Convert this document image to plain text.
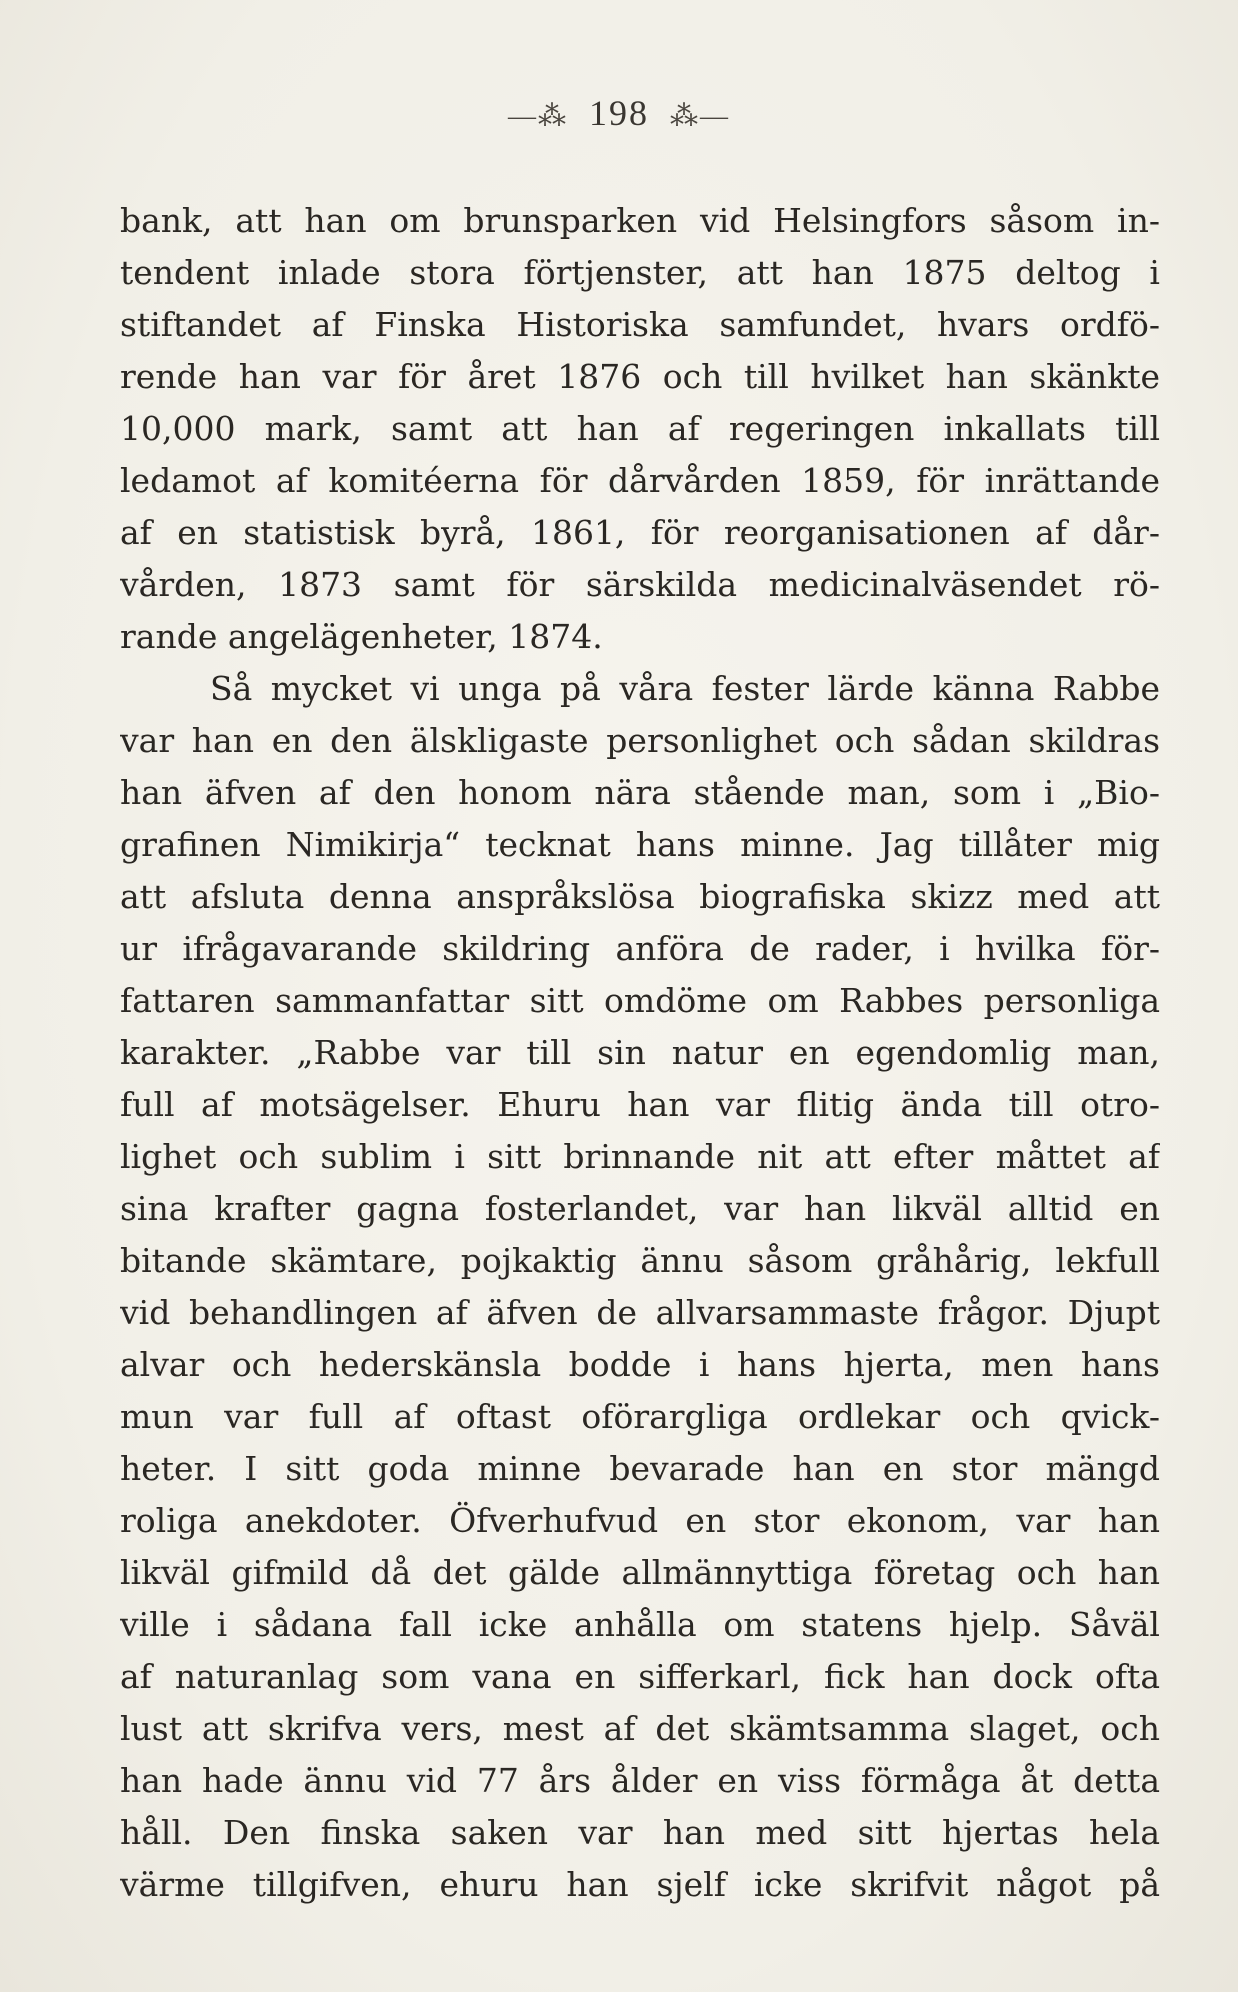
—⁂ 198 ⁂—
bank, att han om brunsparken vid Helsingfors såsom in-
tendent inlade stora förtjenster, att han 1875 deltog i
stiftandet af Finska Historiska samfundet, hvars ordfö-
rende han var för året 1876 och till hvilket han skänkte
10,000 mark, samt att han af regeringen inkallats till
ledamot af komitéerna för dårvården 1859, för inrättande
af en statistisk byrå, 1861, för reorganisationen af dår-
vården, 1873 samt för särskilda medicinalväsendet rö-
rande angelägenheter, 1874.
Så mycket vi unga på våra fester lärde känna Rabbe
var han en den älskligaste personlighet och sådan skildras
han äfven af den honom nära stående man, som i „Bio-
grafinen Nimikirja“ tecknat hans minne. Jag tillåter mig
att afsluta denna anspråkslösa biografiska skizz med att
ur ifrågavarande skildring anföra de rader, i hvilka för-
fattaren sammanfattar sitt omdöme om Rabbes personliga
karakter. „Rabbe var till sin natur en egendomlig man,
full af motsägelser. Ehuru han var flitig ända till otro-
lighet och sublim i sitt brinnande nit att efter måttet af
sina krafter gagna fosterlandet, var han likväl alltid en
bitande skämtare, pojkaktig ännu såsom gråhårig, lekfull
vid behandlingen af äfven de allvarsammaste frågor. Djupt
alvar och hederskänsla bodde i hans hjerta, men hans
mun var full af oftast oförargliga ordlekar och qvick-
heter. I sitt goda minne bevarade han en stor mängd
roliga anekdoter. Öfverhufvud en stor ekonom, var han
likväl gifmild då det gälde allmännyttiga företag och han
ville i sådana fall icke anhålla om statens hjelp. Såväl
af naturanlag som vana en sifferkarl, fick han dock ofta
lust att skrifva vers, mest af det skämtsamma slaget, och
han hade ännu vid 77 års ålder en viss förmåga åt detta
håll. Den finska saken var han med sitt hjertas hela
värme tillgifven, ehuru han sjelf icke skrifvit något på
